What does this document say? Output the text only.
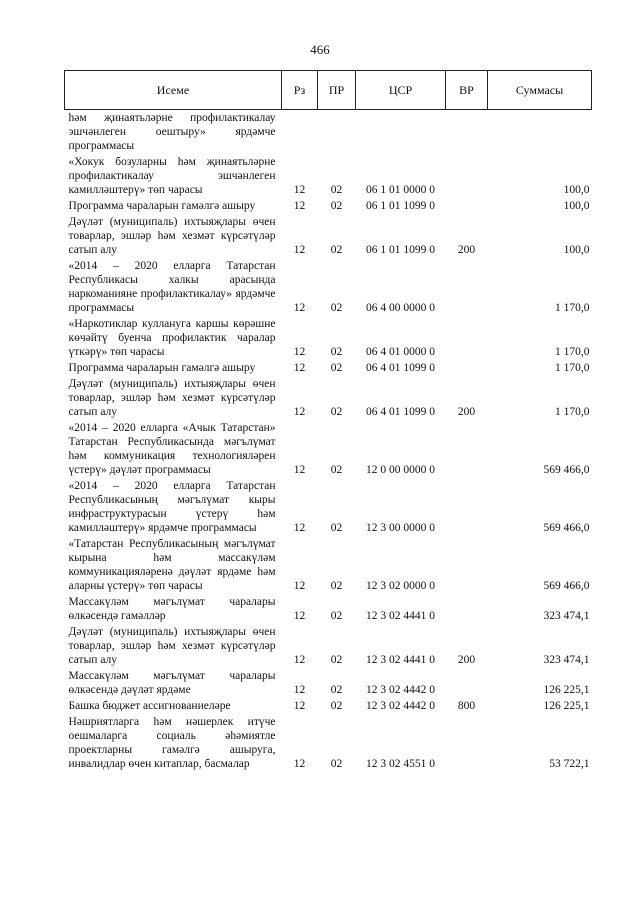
466
Исеме	Рз	ПР	ЦСР	ВР	Суммасы
һәм җинаятьләрне профилактикалау эшчәнлеген оештыру» ярдәмче программасы					
«Хокук бозуларны һәм җинаятьләрне профилактикалау эшчәнлеген камилләштерү» төп чарасы	12	02	06 1 01 0000 0		100,0
Программа чараларын гамәлгә ашыру	12	02	06 1 01 1099 0		100,0
Дәүләт (муниципаль) ихтыяҗлары өчен товарлар, эшләр һәм хезмәт күрсәтүләр сатып алу	12	02	06 1 01 1099 0	200	100,0
«2014 – 2020 елларга Татарстан Республикасы халкы арасында наркоманияне профилактикалау» ярдәмче программасы	12	02	06 4 00 0000 0		1 170,0
«Наркотиклар куллануга каршы көрәшне көчәйтү буенча профилактик чаралар үткәрү» төп чарасы	12	02	06 4 01 0000 0		1 170,0
Программа чараларын гамәлгә ашыру	12	02	06 4 01 1099 0		1 170,0
Дәүләт (муниципаль) ихтыяҗлары өчен товарлар, эшләр һәм хезмәт күрсәтүләр сатып алу	12	02	06 4 01 1099 0	200	1 170,0
«2014 – 2020 елларга «Ачык Татарстан» Татарстан Республикасында мәгълүмат һәм коммуникация технологияләрен үстерү» дәүләт программасы	12	02	12 0 00 0000 0		569 466,0
«2014 – 2020 елларга Татарстан Республикасының мәгълүмат кыры инфраструктурасын үстерү һәм камилләштерү» ярдәмче программасы	12	02	12 3 00 0000 0		569 466,0
«Татарстан Республикасының мәгълүмат кырына һәм массакүләм коммуникацияләренә дәүләт ярдәме һәм аларны үстерү» төп чарасы	12	02	12 3 02 0000 0		569 466,0
Массакүләм мәгълүмат чаралары өлкәсендә гамәлләр	12	02	12 3 02 4441 0		323 474,1
Дәүләт (муниципаль) ихтыяҗлары өчен товарлар, эшләр һәм хезмәт күрсәтүләр сатып алу	12	02	12 3 02 4441 0	200	323 474,1
Массакүләм мәгълүмат чаралары өлкәсендә дәүләт ярдәме	12	02	12 3 02 4442 0		126 225,1
Башка бюджет ассигнованиеләре	12	02	12 3 02 4442 0	800	126 225,1
Нәшриятларга һәм нәшерлек итүче оешмаларга социаль әһәмиятле проектларны гамәлгә ашыруга, инвалидлар өчен китаплар, басмалар	12	02	12 3 02 4551 0		53 722,1
